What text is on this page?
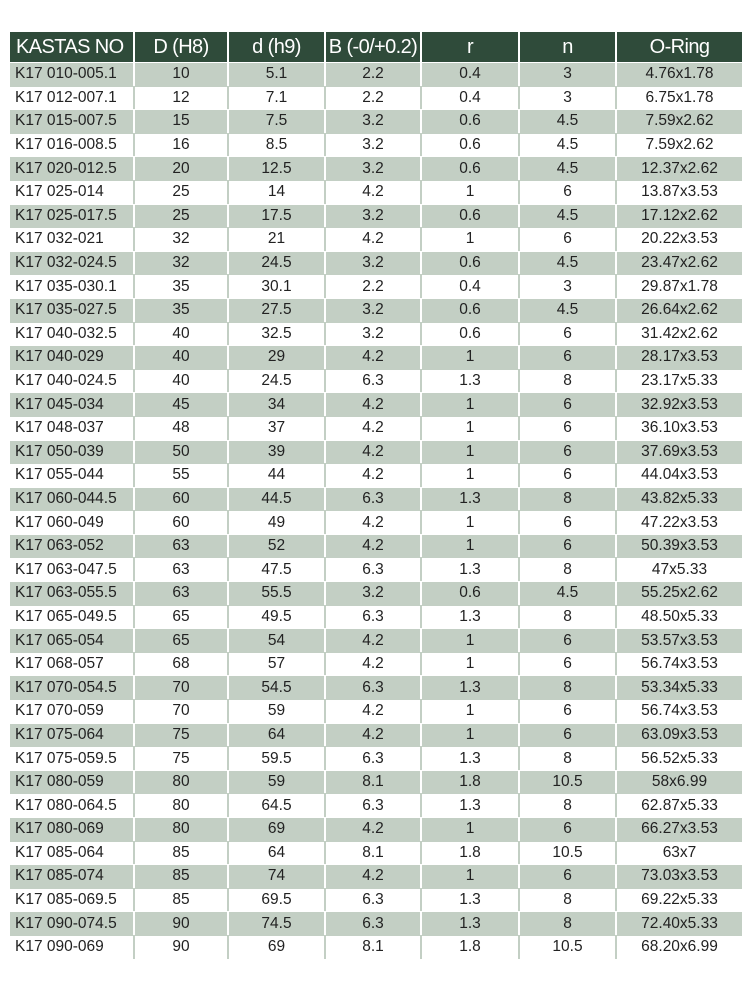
KASTAS NO	D (H8)	d (h9)	B (-0/+0.2)	r	n	O-Ring
K17 010-005.1	10	5.1	2.2	0.4	3	4.76x1.78
K17 012-007.1	12	7.1	2.2	0.4	3	6.75x1.78
K17 015-007.5	15	7.5	3.2	0.6	4.5	7.59x2.62
K17 016-008.5	16	8.5	3.2	0.6	4.5	7.59x2.62
K17 020-012.5	20	12.5	3.2	0.6	4.5	12.37x2.62
K17 025-014	25	14	4.2	1	6	13.87x3.53
K17 025-017.5	25	17.5	3.2	0.6	4.5	17.12x2.62
K17 032-021	32	21	4.2	1	6	20.22x3.53
K17 032-024.5	32	24.5	3.2	0.6	4.5	23.47x2.62
K17 035-030.1	35	30.1	2.2	0.4	3	29.87x1.78
K17 035-027.5	35	27.5	3.2	0.6	4.5	26.64x2.62
K17 040-032.5	40	32.5	3.2	0.6	6	31.42x2.62
K17 040-029	40	29	4.2	1	6	28.17x3.53
K17 040-024.5	40	24.5	6.3	1.3	8	23.17x5.33
K17 045-034	45	34	4.2	1	6	32.92x3.53
K17 048-037	48	37	4.2	1	6	36.10x3.53
K17 050-039	50	39	4.2	1	6	37.69x3.53
K17 055-044	55	44	4.2	1	6	44.04x3.53
K17 060-044.5	60	44.5	6.3	1.3	8	43.82x5.33
K17 060-049	60	49	4.2	1	6	47.22x3.53
K17 063-052	63	52	4.2	1	6	50.39x3.53
K17 063-047.5	63	47.5	6.3	1.3	8	47x5.33
K17 063-055.5	63	55.5	3.2	0.6	4.5	55.25x2.62
K17 065-049.5	65	49.5	6.3	1.3	8	48.50x5.33
K17 065-054	65	54	4.2	1	6	53.57x3.53
K17 068-057	68	57	4.2	1	6	56.74x3.53
K17 070-054.5	70	54.5	6.3	1.3	8	53.34x5.33
K17 070-059	70	59	4.2	1	6	56.74x3.53
K17 075-064	75	64	4.2	1	6	63.09x3.53
K17 075-059.5	75	59.5	6.3	1.3	8	56.52x5.33
K17 080-059	80	59	8.1	1.8	10.5	58x6.99
K17 080-064.5	80	64.5	6.3	1.3	8	62.87x5.33
K17 080-069	80	69	4.2	1	6	66.27x3.53
K17 085-064	85	64	8.1	1.8	10.5	63x7
K17 085-074	85	74	4.2	1	6	73.03x3.53
K17 085-069.5	85	69.5	6.3	1.3	8	69.22x5.33
K17 090-074.5	90	74.5	6.3	1.3	8	72.40x5.33
K17 090-069	90	69	8.1	1.8	10.5	68.20x6.99
